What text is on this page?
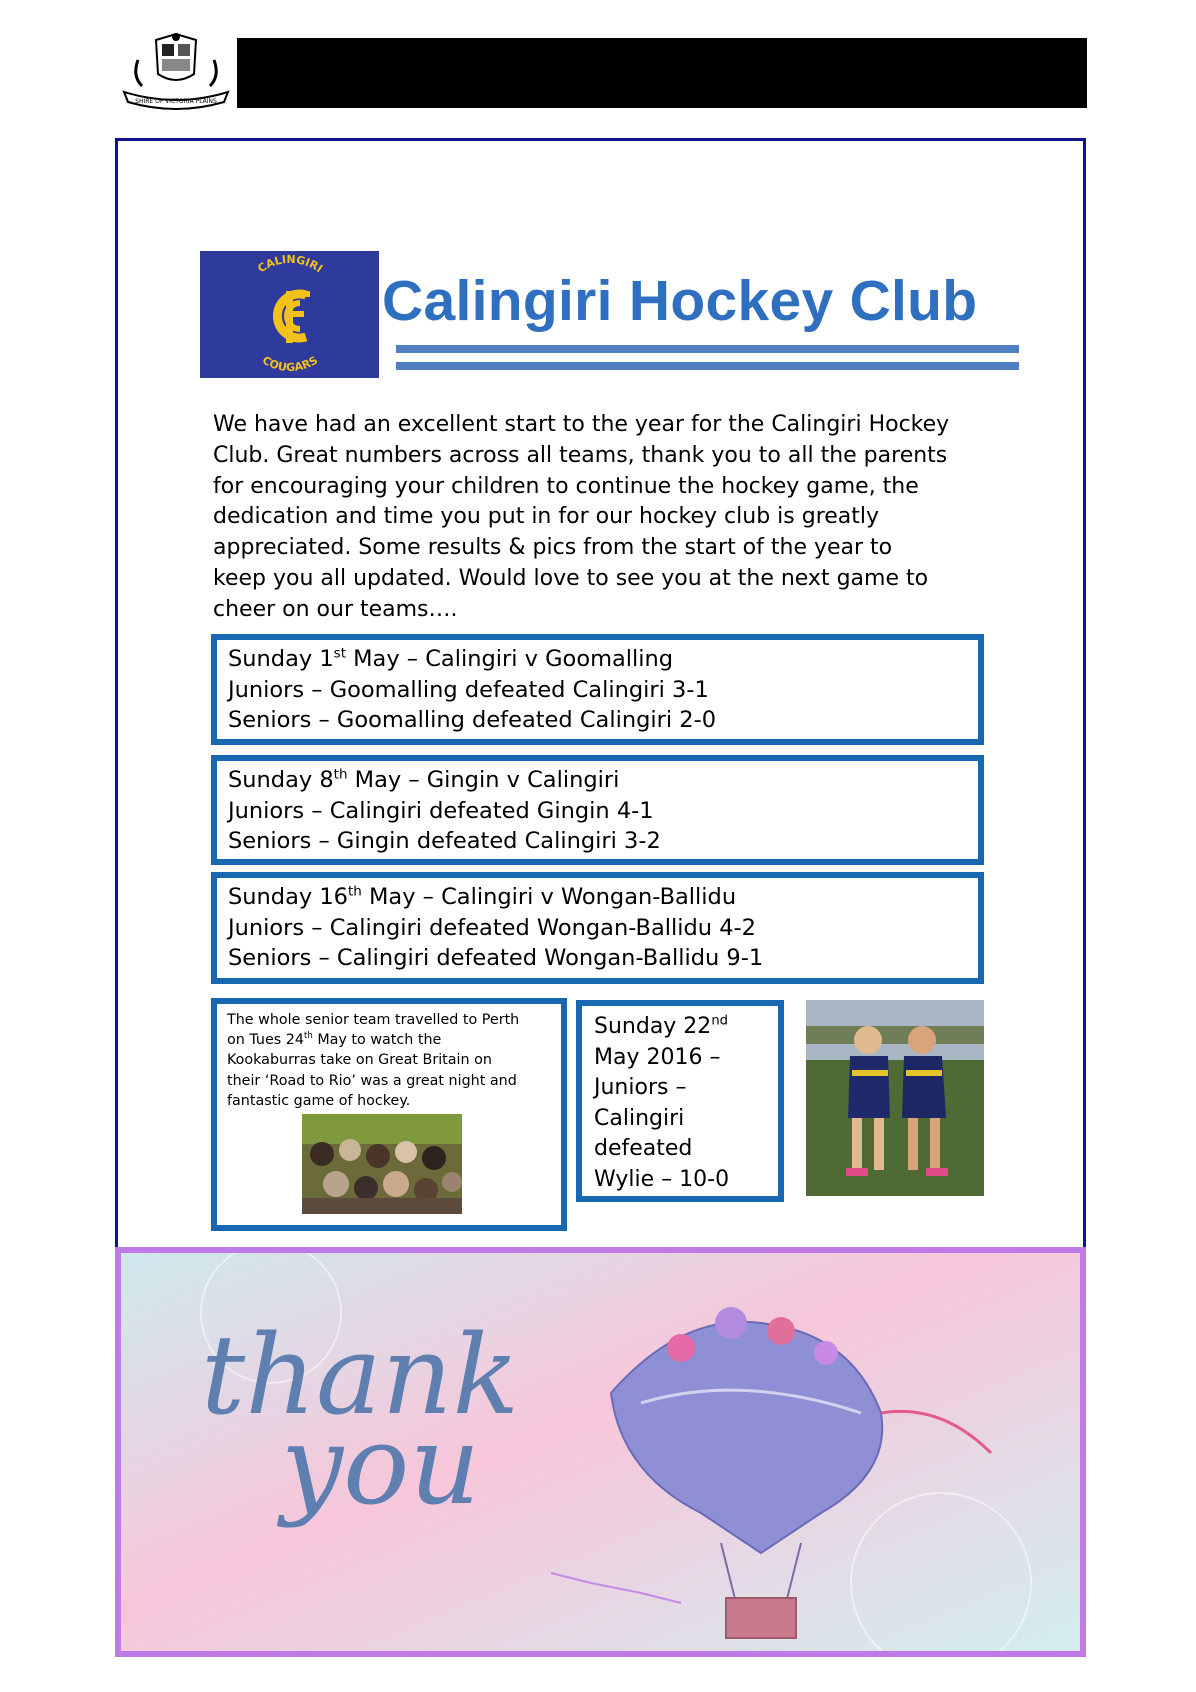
SHIRE OF VICTORIA PLAINS
CALINGIRI
COUGARS
Calingiri Hockey Club
We have had an excellent start to the year for the Calingiri Hockey
Club. Great numbers across all teams, thank you to all the parents
for encouraging your children to continue the hockey game, the
dedication and time you put in for our hockey club is greatly
appreciated. Some results & pics from the start of the year to
keep you all updated. Would love to see you at the next game to
cheer on our teams….
Sunday 1st May – Calingiri v Goomalling
Juniors – Goomalling defeated Calingiri 3-1
Seniors – Goomalling defeated Calingiri 2-0
Sunday 8th May – Gingin v Calingiri
Juniors – Calingiri defeated Gingin 4-1
Seniors – Gingin defeated Calingiri 3-2
Sunday 16th May – Calingiri v Wongan-Ballidu
Juniors – Calingiri defeated Wongan-Ballidu 4-2
Seniors – Calingiri defeated Wongan-Ballidu 9-1
The whole senior team travelled to Perth
on Tues 24th May to watch the
Kookaburras take on Great Britain on
their ‘Road to Rio’ was a great night and
fantastic game of hockey.
Sunday 22nd
May 2016 –
Juniors –
Calingiri
defeated
Wylie – 10-0
thank
you
